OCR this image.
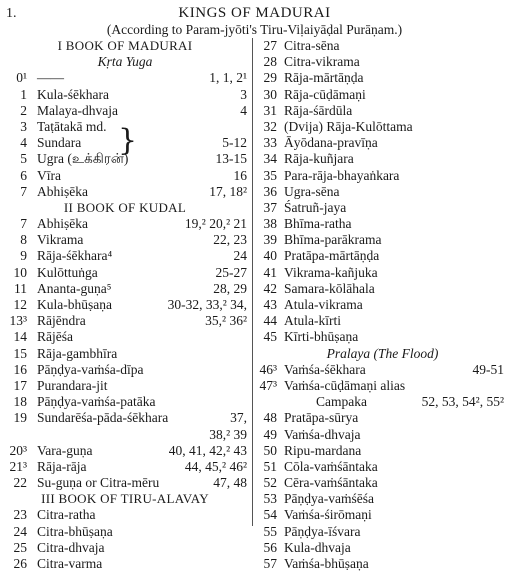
1.	KINGS OF MADURAI
(According to Param-jyōti's Tiru-Viḷaiyāḍal Purāṇam.)
I BOOK OF MADURAI
Kṛta Yuga
0¹ ——	1, 1, 2¹
1 Kula-śēkhara	3
2 Malaya-dhvaja	4
3 Taṭātakā md.
4 Sundara	5-12
}
5 Ugra (உக்கிரன்)	13-15
6 Vīra	16
7 Abhiṣēka	17, 18²
II BOOK OF KUDAL
7 Abhiṣēka	19,² 20,² 21
8 Vikrama	22, 23
9 Rāja-śēkhara⁴	24
10 Kulōttuṅga	25-27
11 Ananta-guṇa⁵	28, 29
12 Kula-bhūṣaṇa	30-32, 33,² 34,
13³ Rājēndra	35,² 36²
14 Rājēśa
15 Rāja-gambhīra
16 Pāṇḍya-vaṁśa-dīpa
17 Purandara-jit
18 Pāṇḍya-vaṁśa-patāka
19 Sundarēśa-pāda-śēkhara	37,
38,² 39
20³ Vara-guṇa	40, 41, 42,² 43
21³ Rāja-rāja	44, 45,² 46²
22 Su-guṇa or Citra-mēru	47, 48
III BOOK OF TIRU-ALAVAY
23 Citra-ratha
24 Citra-bhūṣaṇa
25 Citra-dhvaja
26 Citra-varma
27 Citra-sēna
28 Citra-vikrama
29 Rāja-mārtāṇḍa
30 Rāja-cūḍāmaṇi
31 Rāja-śārdūla
32 (Dvija) Rāja-Kulōttama
33 Āyōdana-pravīṇa
34 Rāja-kuñjara
35 Para-rāja-bhayaṅkara
36 Ugra-sēna
37 Śatruñ-jaya
38 Bhīma-ratha
39 Bhīma-parākrama
40 Pratāpa-mārtāṇḍa
41 Vikrama-kañjuka
42 Samara-kōlāhala
43 Atula-vikrama
44 Atula-kīrti
45 Kīrti-bhūṣaṇa
Pralaya (The Flood)
46³ Vaṁśa-śēkhara	49-51
47³ Vaṁśa-cūḍāmaṇi alias
Campaka	52, 53, 54², 55²
48 Pratāpa-sūrya
49 Vaṁśa-dhvaja
50 Ripu-mardana
51 Cōla-vaṁśāntaka
52 Cēra-vaṁśāntaka
53 Pāṇḍya-vaṁśēśa
54 Vaṁśa-śirōmaṇi
55 Pāṇḍya-īśvara
56 Kula-dhvaja
57 Vaṁśa-bhūṣaṇa
